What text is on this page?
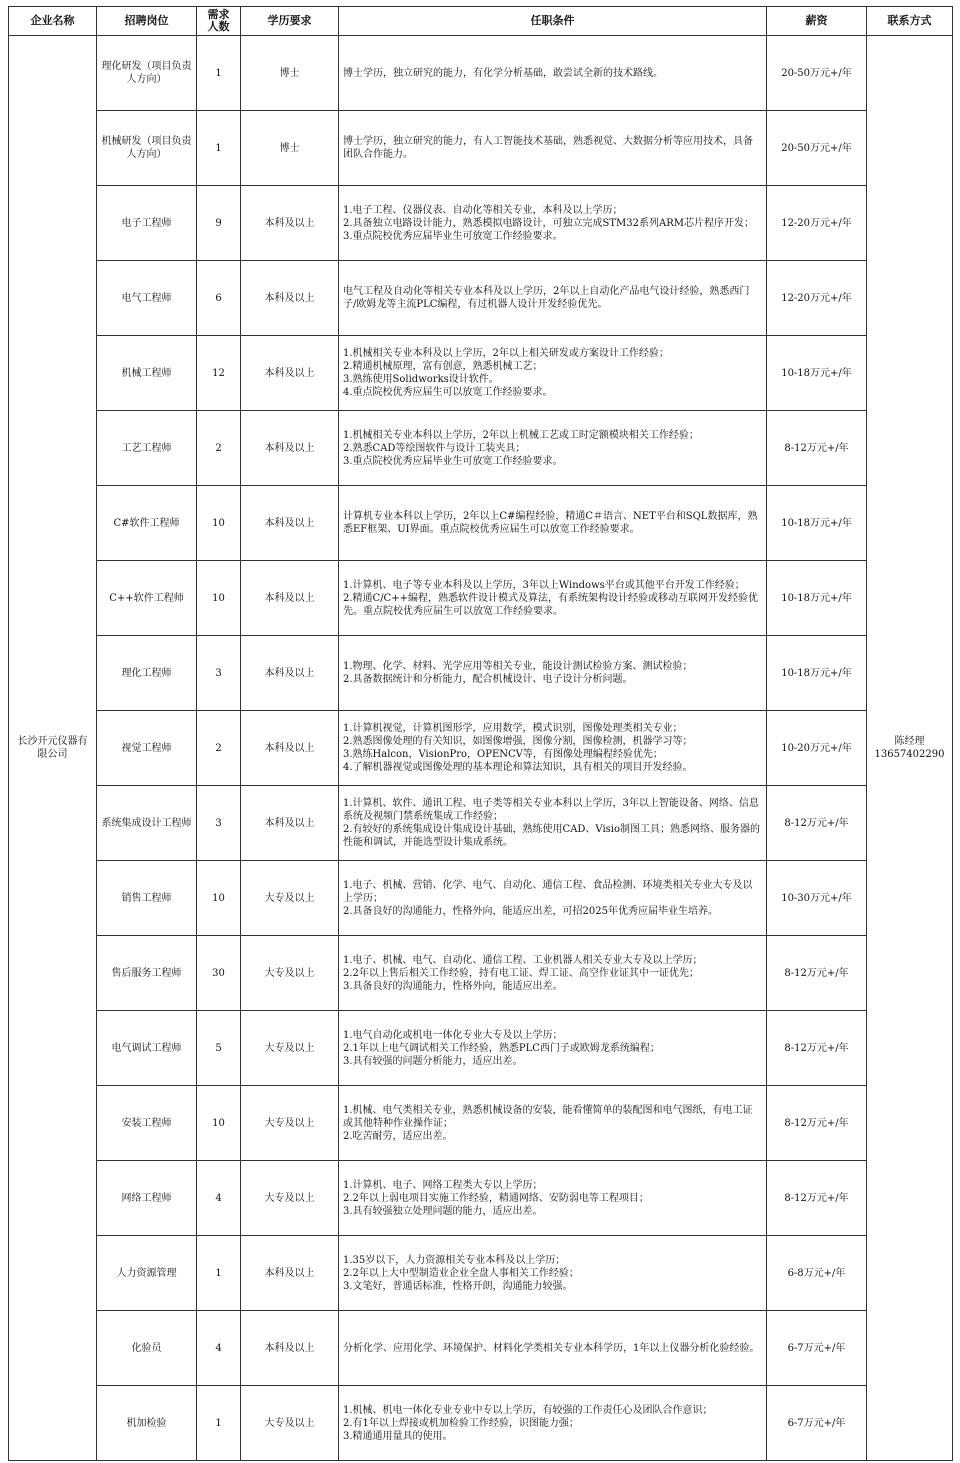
企业名称	招聘岗位	需求
人数	学历要求	任职条件	薪资	联系方式
长沙开元仪器有限公司	理化研发（项目负责人方向）	1	博士	博士学历，独立研究的能力，有化学分析基础，敢尝试全新的技术路线。	20-50万元+/年	陈经理
13657402290

	机械研发（项目负责人方向）	1	博士	博士学历，独立研究的能力，有人工智能技术基础，熟悉视觉、大数据分析等应用技术，具备团队合作能力。	20-50万元+/年	
	电子工程师	9	本科及以上	1.电子工程、仪器仪表、自动化等相关专业，本科及以上学历；
2.具备独立电路设计能力，熟悉模拟电路设计，可独立完成STM32系列ARM芯片程序开发；
3.重点院校优秀应届毕业生可放宽工作经验要求。	12-20万元+/年	
	电气工程师	6	本科及以上	电气工程及自动化等相关专业本科及以上学历，2年以上自动化产品电气设计经验，熟悉西门子/欧姆龙等主流PLC编程，有过机器人设计开发经验优先。	12-20万元+/年	
	机械工程师	12	本科及以上	1.机械相关专业本科及以上学历，2年以上相关研发或方案设计工作经验；
2.精通机械原理，富有创意，熟悉机械工艺；
3.熟练使用Solidworks设计软件。
4.重点院校优秀应届生可以放宽工作经验要求。	10-18万元+/年	
	工艺工程师	2	本科及以上	1.机械相关专业本科以上学历，2年以上机械工艺或工时定额模块相关工作经验；
2.熟悉CAD等绘图软件与设计工装夹具；
3.重点院校优秀应届毕业生可放宽工作经验要求。	8-12万元+/年	
	C#软件工程师	10	本科及以上	计算机专业本科以上学历，2年以上C#编程经验，精通C＃语言、NET平台和SQL数据库，熟悉EF框架、UI界面。重点院校优秀应届生可以放宽工作经验要求。	10-18万元+/年	
	C++软件工程师	10	本科及以上	1.计算机、电子等专业本科及以上学历，3年以上Windows平台或其他平台开发工作经验；
2.精通C/C++编程，熟悉软件设计模式及算法，有系统架构设计经验或移动互联网开发经验优先。重点院校优秀应届生可以放宽工作经验要求。	10-18万元+/年	
	理化工程师	3	本科及以上	1.物理、化学、材料、光学应用等相关专业，能设计测试检验方案、测试检验；
2.具备数据统计和分析能力，配合机械设计、电子设计分析问题。	10-18万元+/年	
	视觉工程师	2	本科及以上	1.计算机视觉，计算机图形学，应用数学，模式识别，图像处理类相关专业；
2.熟悉图像处理的有关知识，如图像增强，图像分割，图像检测，机器学习等；
3.熟练Halcon，VisionPro，OPENCV等，有图像处理编程经验优先；
4.了解机器视觉或图像处理的基本理论和算法知识，具有相关的项目开发经验。	10-20万元+/年	
	系统集成设计工程师	3	本科及以上	1.计算机、软件、通讯工程、电子类等相关专业本科以上学历，3年以上智能设备、网络、信息系统及视频门禁系统集成工作经验；
2.有较好的系统集成设计集成设计基础，熟练使用CAD、Visio制图工具；熟悉网络、服务器的性能和调试，并能选型设计集成系统。	8-12万元+/年	
	销售工程师	10	大专及以上	1.电子、机械、营销、化学、电气、自动化、通信工程、食品检测、环境类相关专业大专及以上学历；
2.具备良好的沟通能力，性格外向，能适应出差，可招2025年优秀应届毕业生培养。	10-30万元+/年	
	售后服务工程师	30	大专及以上	1.电子、机械、电气、自动化、通信工程、工业机器人相关专业大专及以上学历；
2.2年以上售后相关工作经验，持有电工证、焊工证、高空作业证其中一证优先；
3.具备良好的沟通能力，性格外向，能适应出差。	8-12万元+/年	
	电气调试工程师	5	大专及以上	1.电气自动化或机电一体化专业大专及以上学历；
2.1年以上电气调试相关工作经验，熟悉PLC西门子或欧姆龙系统编程；
3.具有较强的问题分析能力，适应出差。	8-12万元+/年	
	安装工程师	10	大专及以上	1.机械、电气类相关专业，熟悉机械设备的安装，能看懂简单的装配图和电气图纸，有电工证或其他特种作业操作证；
2.吃苦耐劳，适应出差。	8-12万元+/年	
	网络工程师	4	大专及以上	1.计算机、电子、网络工程类大专以上学历；
2.2年以上弱电项目实施工作经验，精通网络、安防弱电等工程项目；
3.具有较强独立处理问题的能力，适应出差。	8-12万元+/年	
	人力资源管理	1	本科及以上	1.35岁以下，人力资源相关专业本科及以上学历；
2.2年以上大中型制造业企业全盘人事相关工作经验；
3.文笔好，普通话标准，性格开朗，沟通能力较强。	6-8万元+/年	
	化验员	4	本科及以上	分析化学、应用化学、环境保护、材料化学类相关专业本科学历，1年以上仪器分析化验经验。	6-7万元+/年	
	机加检验	1	大专及以上	1.机械、机电一体化专业专业中专以上学历，有较强的工作责任心及团队合作意识；
2.有1年以上焊接或机加检验工作经验，识图能力强；
3.精通通用量具的使用。	6-7万元+/年	
